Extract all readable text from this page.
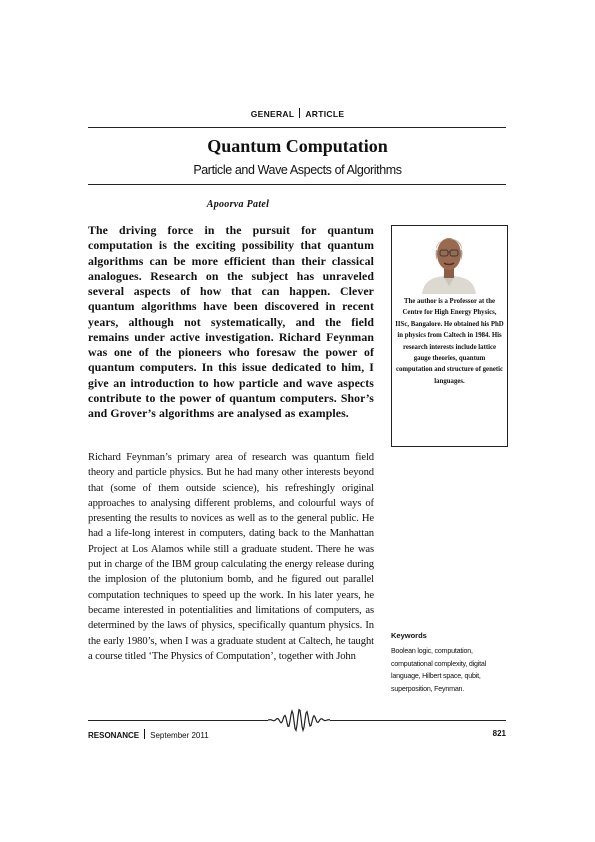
GENERAL ARTICLE
Quantum Computation
Particle and Wave Aspects of Algorithms
Apoorva Patel
The driving force in the pursuit for quantum computation is the exciting possibility that quantum algorithms can be more efficient than their classical analogues. Research on the subject has unraveled several aspects of how that can happen. Clever quantum algorithms have been discovered in recent years, although not systematically, and the field remains under active investigation. Richard Feynman was one of the pioneers who foresaw the power of quantum computers. In this issue dedicated to him, I give an introduction to how particle and wave aspects contribute to the power of quantum computers. Shor’s and Grover’s algorithms are analysed as examples.
Richard Feynman’s primary area of research was quantum field theory and particle physics. But he had many other interests beyond that (some of them outside science), his refreshingly original approaches to analysing different problems, and colourful ways of presenting the results to novices as well as to the general public. He had a life-long interest in computers, dating back to the Manhattan Project at Los Alamos while still a graduate student. There he was put in charge of the IBM group calculating the energy release during the implosion of the plutonium bomb, and he figured out parallel computation techniques to speed up the work. In his later years, he became interested in potentialities and limitations of computers, as determined by the laws of physics, specifically quantum physics. In the early 1980’s, when I was a graduate student at Caltech, he taught a course titled ‘The Physics of Computation’, together with John
The author is a Professor at the Centre for High Energy Physics, IISc, Bangalore. He obtained his PhD in physics from Caltech in 1984. His research interests include lattice gauge theories, quantum computation and structure of genetic languages.
Keywords
Boolean logic, computation, computational complexity, digital language, Hilbert space, qubit, superposition, Feynman.
RESONANCE September 2011	821
